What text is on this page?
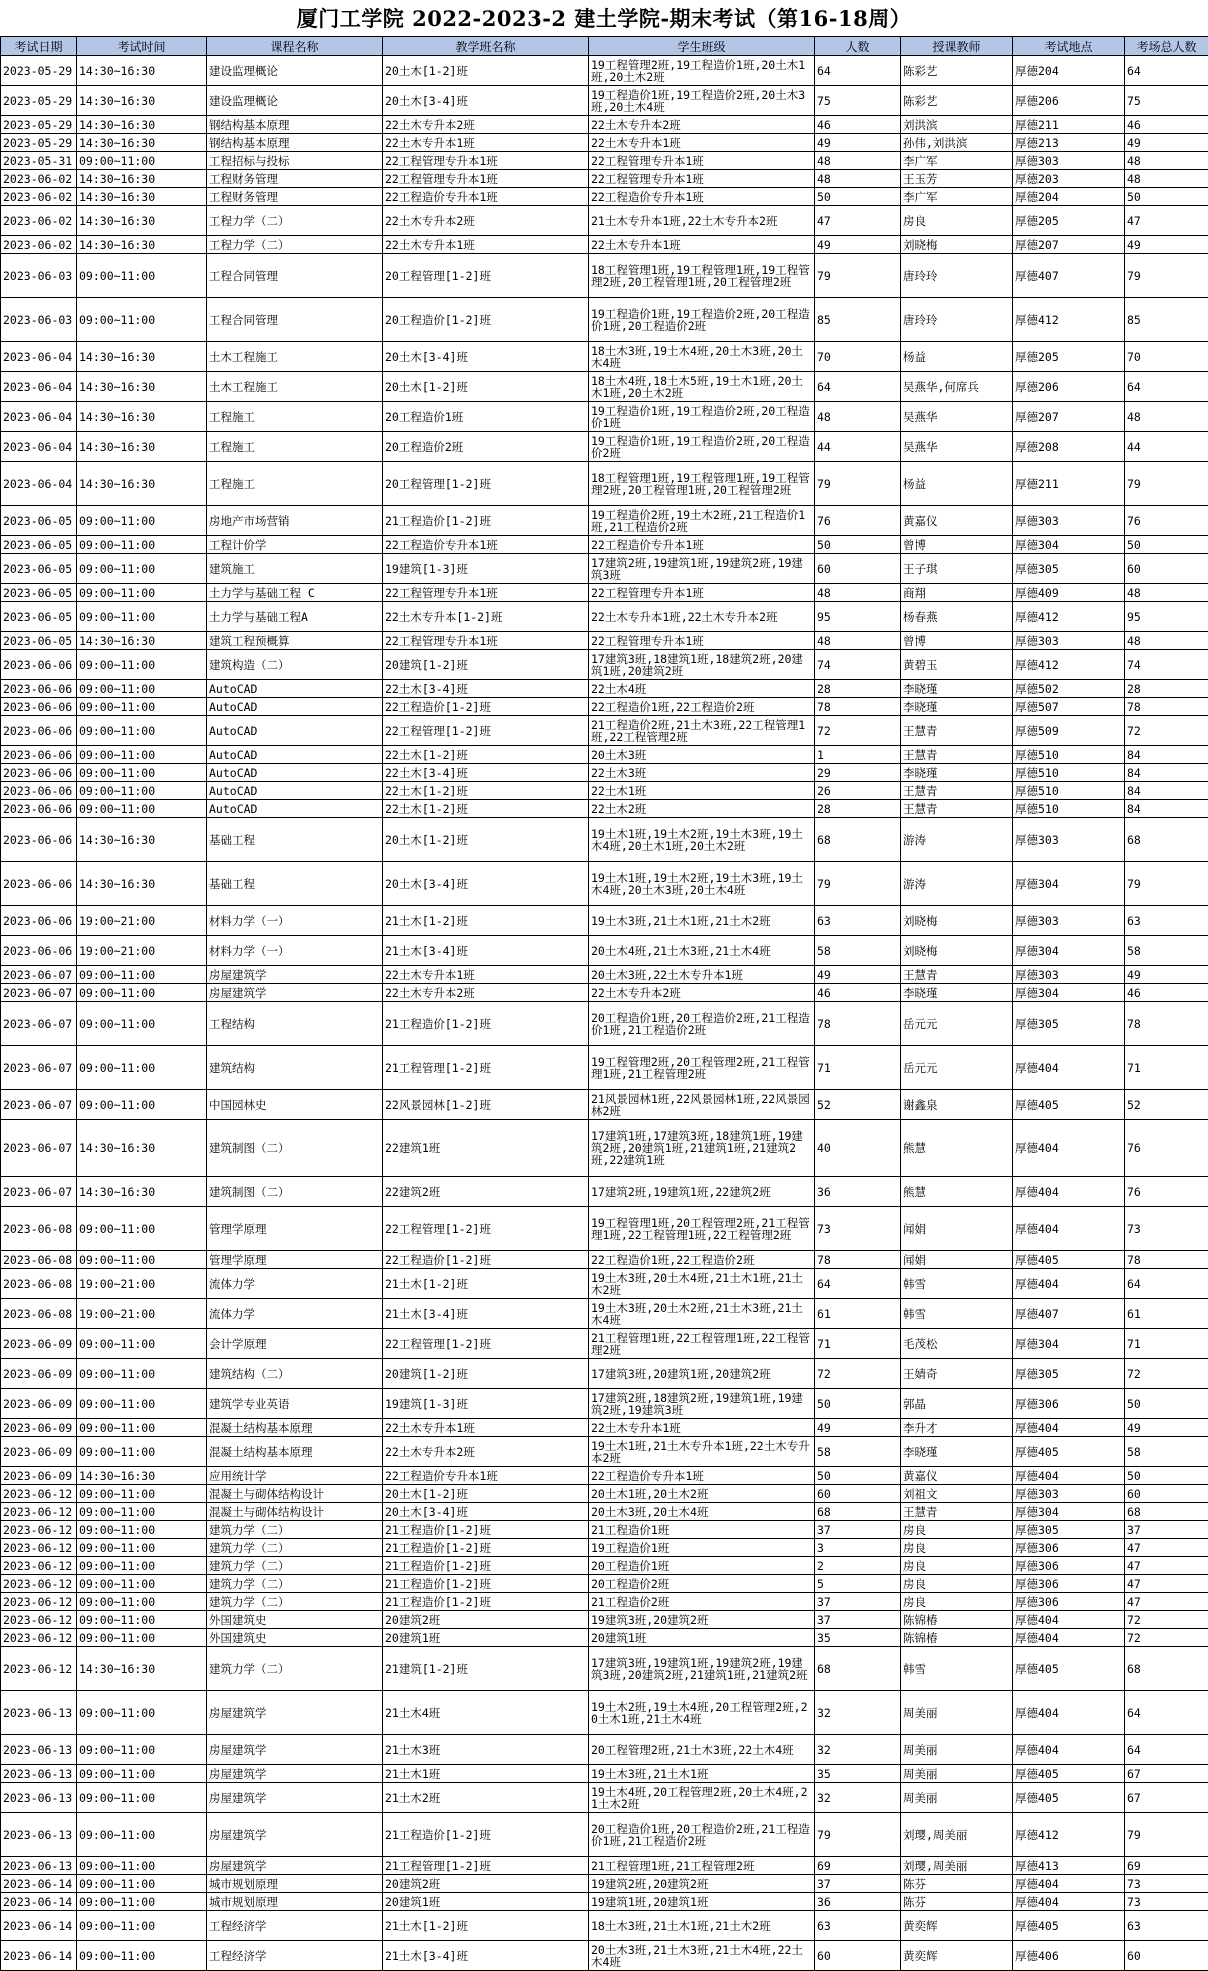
厦门工学院 2022-2023-2 建土学院-期末考试（第16-18周）
考试日期	考试时间	课程名称	教学班名称	学生班级	人数	授课教师	考试地点	考场总人数
2023-05-29	14:30~16:30	建设监理概论	20土木[1-2]班	19工程管理2班,19工程造价1班,20土木1班,20土木2班	64	陈彩艺	厚德204	64
2023-05-29	14:30~16:30	建设监理概论	20土木[3-4]班	19工程造价1班,19工程造价2班,20土木3班,20土木4班	75	陈彩艺	厚德206	75
2023-05-29	14:30~16:30	钢结构基本原理	22土木专升本2班	22土木专升本2班	46	刘洪滨	厚德211	46
2023-05-29	14:30~16:30	钢结构基本原理	22土木专升本1班	22土木专升本1班	49	孙伟,刘洪滨	厚德213	49
2023-05-31	09:00~11:00	工程招标与投标	22工程管理专升本1班	22工程管理专升本1班	48	李广军	厚德303	48
2023-06-02	14:30~16:30	工程财务管理	22工程管理专升本1班	22工程管理专升本1班	48	王玉芳	厚德203	48
2023-06-02	14:30~16:30	工程财务管理	22工程造价专升本1班	22工程造价专升本1班	50	李广军	厚德204	50
2023-06-02	14:30~16:30	工程力学（二）	22土木专升本2班	21土木专升本1班,22土木专升本2班	47	房良	厚德205	47
2023-06-02	14:30~16:30	工程力学（二）	22土木专升本1班	22土木专升本1班	49	刘晓梅	厚德207	49
2023-06-03	09:00~11:00	工程合同管理	20工程管理[1-2]班	18工程管理1班,19工程管理1班,19工程管理2班,20工程管理1班,20工程管理2班	79	唐玲玲	厚德407	79
2023-06-03	09:00~11:00	工程合同管理	20工程造价[1-2]班	19工程造价1班,19工程造价2班,20工程造价1班,20工程造价2班	85	唐玲玲	厚德412	85
2023-06-04	14:30~16:30	土木工程施工	20土木[3-4]班	18土木3班,19土木4班,20土木3班,20土木4班	70	杨益	厚德205	70
2023-06-04	14:30~16:30	土木工程施工	20土木[1-2]班	18土木4班,18土木5班,19土木1班,20土木1班,20土木2班	64	吴燕华,何席兵	厚德206	64
2023-06-04	14:30~16:30	工程施工	20工程造价1班	19工程造价1班,19工程造价2班,20工程造价1班	48	吴燕华	厚德207	48
2023-06-04	14:30~16:30	工程施工	20工程造价2班	19工程造价1班,19工程造价2班,20工程造价2班	44	吴燕华	厚德208	44
2023-06-04	14:30~16:30	工程施工	20工程管理[1-2]班	18工程管理1班,19工程管理1班,19工程管理2班,20工程管理1班,20工程管理2班	79	杨益	厚德211	79
2023-06-05	09:00~11:00	房地产市场营销	21工程造价[1-2]班	19工程造价2班,19土木2班,21工程造价1班,21工程造价2班	76	黄嘉仪	厚德303	76
2023-06-05	09:00~11:00	工程计价学	22工程造价专升本1班	22工程造价专升本1班	50	曾博	厚德304	50
2023-06-05	09:00~11:00	建筑施工	19建筑[1-3]班	17建筑2班,19建筑1班,19建筑2班,19建筑3班	60	王子琪	厚德305	60
2023-06-05	09:00~11:00	土力学与基础工程 C	22工程管理专升本1班	22工程管理专升本1班	48	商翔	厚德409	48
2023-06-05	09:00~11:00	土力学与基础工程A	22土木专升本[1-2]班	22土木专升本1班,22土木专升本2班	95	杨春燕	厚德412	95
2023-06-05	14:30~16:30	建筑工程预概算	22工程管理专升本1班	22工程管理专升本1班	48	曾博	厚德303	48
2023-06-06	09:00~11:00	建筑构造（二）	20建筑[1-2]班	17建筑3班,18建筑1班,18建筑2班,20建筑1班,20建筑2班	74	黄碧玉	厚德412	74
2023-06-06	09:00~11:00	AutoCAD	22土木[3-4]班	22土木4班	28	李晓瑾	厚德502	28
2023-06-06	09:00~11:00	AutoCAD	22工程造价[1-2]班	22工程造价1班,22工程造价2班	78	李晓瑾	厚德507	78
2023-06-06	09:00~11:00	AutoCAD	22工程管理[1-2]班	21工程造价2班,21土木3班,22工程管理1班,22工程管理2班	72	王慧青	厚德509	72
2023-06-06	09:00~11:00	AutoCAD	22土木[1-2]班	20土木3班	1	王慧青	厚德510	84
2023-06-06	09:00~11:00	AutoCAD	22土木[3-4]班	22土木3班	29	李晓瑾	厚德510	84
2023-06-06	09:00~11:00	AutoCAD	22土木[1-2]班	22土木1班	26	王慧青	厚德510	84
2023-06-06	09:00~11:00	AutoCAD	22土木[1-2]班	22土木2班	28	王慧青	厚德510	84
2023-06-06	14:30~16:30	基础工程	20土木[1-2]班	19土木1班,19土木2班,19土木3班,19土木4班,20土木1班,20土木2班	68	游涛	厚德303	68
2023-06-06	14:30~16:30	基础工程	20土木[3-4]班	19土木1班,19土木2班,19土木3班,19土木4班,20土木3班,20土木4班	79	游涛	厚德304	79
2023-06-06	19:00~21:00	材料力学（一）	21土木[1-2]班	19土木3班,21土木1班,21土木2班	63	刘晓梅	厚德303	63
2023-06-06	19:00~21:00	材料力学（一）	21土木[3-4]班	20土木4班,21土木3班,21土木4班	58	刘晓梅	厚德304	58
2023-06-07	09:00~11:00	房屋建筑学	22土木专升本1班	20土木3班,22土木专升本1班	49	王慧青	厚德303	49
2023-06-07	09:00~11:00	房屋建筑学	22土木专升本2班	22土木专升本2班	46	李晓瑾	厚德304	46
2023-06-07	09:00~11:00	工程结构	21工程造价[1-2]班	20工程造价1班,20工程造价2班,21工程造价1班,21工程造价2班	78	岳元元	厚德305	78
2023-06-07	09:00~11:00	建筑结构	21工程管理[1-2]班	19工程管理2班,20工程管理2班,21工程管理1班,21工程管理2班	71	岳元元	厚德404	71
2023-06-07	09:00~11:00	中国园林史	22风景园林[1-2]班	21风景园林1班,22风景园林1班,22风景园林2班	52	谢鑫泉	厚德405	52
2023-06-07	14:30~16:30	建筑制图（二）	22建筑1班	17建筑1班,17建筑3班,18建筑1班,19建筑2班,20建筑1班,21建筑1班,21建筑2班,22建筑1班	40	熊慧	厚德404	76
2023-06-07	14:30~16:30	建筑制图（二）	22建筑2班	17建筑2班,19建筑1班,22建筑2班	36	熊慧	厚德404	76
2023-06-08	09:00~11:00	管理学原理	22工程管理[1-2]班	19工程管理1班,20工程管理2班,21工程管理1班,22工程管理1班,22工程管理2班	73	闻娟	厚德404	73
2023-06-08	09:00~11:00	管理学原理	22工程造价[1-2]班	22工程造价1班,22工程造价2班	78	闻娟	厚德405	78
2023-06-08	19:00~21:00	流体力学	21土木[1-2]班	19土木3班,20土木4班,21土木1班,21土木2班	64	韩雪	厚德404	64
2023-06-08	19:00~21:00	流体力学	21土木[3-4]班	19土木3班,20土木2班,21土木3班,21土木4班	61	韩雪	厚德407	61
2023-06-09	09:00~11:00	会计学原理	22工程管理[1-2]班	21工程管理1班,22工程管理1班,22工程管理2班	71	毛茂松	厚德304	71
2023-06-09	09:00~11:00	建筑结构（二）	20建筑[1-2]班	17建筑3班,20建筑1班,20建筑2班	72	王婧奇	厚德305	72
2023-06-09	09:00~11:00	建筑学专业英语	19建筑[1-3]班	17建筑2班,18建筑2班,19建筑1班,19建筑2班,19建筑3班	50	郭晶	厚德306	50
2023-06-09	09:00~11:00	混凝土结构基本原理	22土木专升本1班	22土木专升本1班	49	李升才	厚德404	49
2023-06-09	09:00~11:00	混凝土结构基本原理	22土木专升本2班	19土木1班,21土木专升本1班,22土木专升本2班	58	李晓瑾	厚德405	58
2023-06-09	14:30~16:30	应用统计学	22工程造价专升本1班	22工程造价专升本1班	50	黄嘉仪	厚德404	50
2023-06-12	09:00~11:00	混凝土与砌体结构设计	20土木[1-2]班	20土木1班,20土木2班	60	刘祖文	厚德303	60
2023-06-12	09:00~11:00	混凝土与砌体结构设计	20土木[3-4]班	20土木3班,20土木4班	68	王慧青	厚德304	68
2023-06-12	09:00~11:00	建筑力学（二）	21工程造价[1-2]班	21工程造价1班	37	房良	厚德305	37
2023-06-12	09:00~11:00	建筑力学（二）	21工程造价[1-2]班	19工程造价1班	3	房良	厚德306	47
2023-06-12	09:00~11:00	建筑力学（二）	21工程造价[1-2]班	20工程造价1班	2	房良	厚德306	47
2023-06-12	09:00~11:00	建筑力学（二）	21工程造价[1-2]班	20工程造价2班	5	房良	厚德306	47
2023-06-12	09:00~11:00	建筑力学（二）	21工程造价[1-2]班	21工程造价2班	37	房良	厚德306	47
2023-06-12	09:00~11:00	外国建筑史	20建筑2班	19建筑3班,20建筑2班	37	陈锦椿	厚德404	72
2023-06-12	09:00~11:00	外国建筑史	20建筑1班	20建筑1班	35	陈锦椿	厚德404	72
2023-06-12	14:30~16:30	建筑力学（二）	21建筑[1-2]班	17建筑3班,19建筑1班,19建筑2班,19建筑3班,20建筑2班,21建筑1班,21建筑2班	68	韩雪	厚德405	68
2023-06-13	09:00~11:00	房屋建筑学	21土木4班	19土木2班,19土木4班,20工程管理2班,20土木1班,21土木4班	32	周美丽	厚德404	64
2023-06-13	09:00~11:00	房屋建筑学	21土木3班	20工程管理2班,21土木3班,22土木4班	32	周美丽	厚德404	64
2023-06-13	09:00~11:00	房屋建筑学	21土木1班	19土木3班,21土木1班	35	周美丽	厚德405	67
2023-06-13	09:00~11:00	房屋建筑学	21土木2班	19土木4班,20工程管理2班,20土木4班,21土木2班	32	周美丽	厚德405	67
2023-06-13	09:00~11:00	房屋建筑学	21工程造价[1-2]班	20工程造价1班,20工程造价2班,21工程造价1班,21工程造价2班	79	刘璎,周美丽	厚德412	79
2023-06-13	09:00~11:00	房屋建筑学	21工程管理[1-2]班	21工程管理1班,21工程管理2班	69	刘璎,周美丽	厚德413	69
2023-06-14	09:00~11:00	城市规划原理	20建筑2班	19建筑2班,20建筑2班	37	陈芬	厚德404	73
2023-06-14	09:00~11:00	城市规划原理	20建筑1班	19建筑1班,20建筑1班	36	陈芬	厚德404	73
2023-06-14	09:00~11:00	工程经济学	21土木[1-2]班	18土木3班,21土木1班,21土木2班	63	黄奕辉	厚德405	63
2023-06-14	09:00~11:00	工程经济学	21土木[3-4]班	20土木3班,21土木3班,21土木4班,22土木4班	60	黄奕辉	厚德406	60
